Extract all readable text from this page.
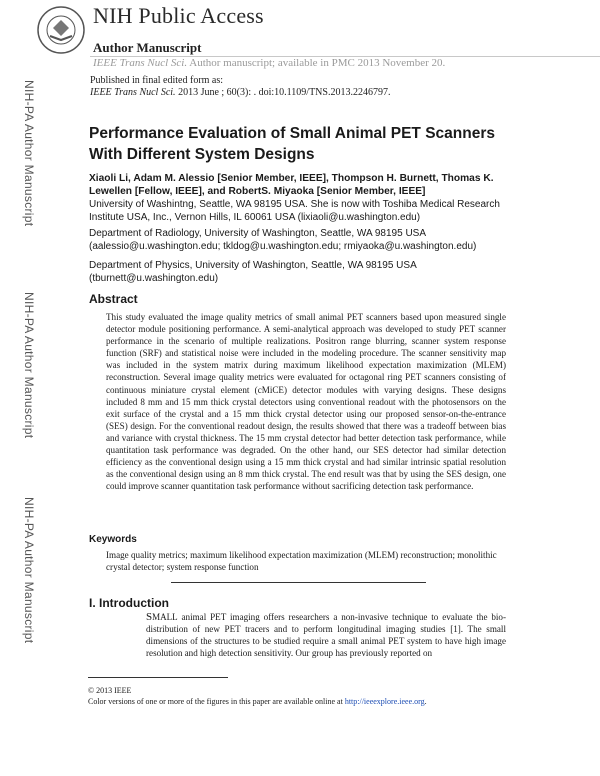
NIH Public Access
Author Manuscript
IEEE Trans Nucl Sci. Author manuscript; available in PMC 2013 November 20.
Published in final edited form as:
IEEE Trans Nucl Sci. 2013 June ; 60(3): . doi:10.1109/TNS.2013.2246797.
NIH-PA Author Manuscript
NIH-PA Author Manuscript
NIH-PA Author Manuscript
Performance Evaluation of Small Animal PET Scanners With Different System Designs
Xiaoli Li, Adam M. Alessio [Senior Member, IEEE], Thompson H. Burnett, Thomas K. Lewellen [Fellow, IEEE], and RobertS. Miyaoka [Senior Member, IEEE]
University of Washintng, Seattle, WA 98195 USA. She is now with Toshiba Medical Research Institute USA, Inc., Vernon Hills, IL 60061 USA (lixiaoli@u.washington.edu)
Department of Radiology, University of Washington, Seattle, WA 98195 USA (aalessio@u.washington.edu; tkldog@u.washington.edu; rmiyaoka@u.washington.edu)
Department of Physics, University of Washington, Seattle, WA 98195 USA (tburnett@u.washington.edu)
Abstract
This study evaluated the image quality metrics of small animal PET scanners based upon measured single detector module positioning performance. A semi-analytical approach was developed to study PET scanner performance in the scenario of multiple realizations. Positron range blurring, scanner system response function (SRF) and statistical noise were included in the modeling procedure. The scanner sensitivity map was included in the system matrix during maximum likelihood expectation maximization (MLEM) reconstruction. Several image quality metrics were evaluated for octagonal ring PET scanners consisting of continuous miniature crystal element (cMiCE) detector modules with varying designs. These designs included 8 mm and 15 mm thick crystal detectors using conventional readout with the photosensors on the exit surface of the crystal and a 15 mm thick crystal detector using our proposed sensor-on-the-entrance (SES) design. For the conventional readout design, the results showed that there was a tradeoff between bias and variance with crystal thickness. The 15 mm crystal detector had better detection task performance, while quantitation task performance was degraded. On the other hand, our SES detector had similar detection efficiency as the conventional design using a 15 mm thick crystal and had similar intrinsic spatial resolution as the conventional design using an 8 mm thick crystal. The end result was that by using the SES design, one could improve scanner quantitation task performance without sacrificing detection task performance.
Keywords
Image quality metrics; maximum likelihood expectation maximization (MLEM) reconstruction; monolithic crystal detector; system response function
I. Introduction
SMALL animal PET imaging offers researchers a non-invasive technique to evaluate the bio-distribution of new PET tracers and to perform longitudinal imaging studies [1]. The small dimensions of the structures to be studied require a small animal PET system to have high image resolution and high detection sensitivity. Our group has previously reported on
© 2013 IEEE
Color versions of one or more of the figures in this paper are available online at http://ieeexplore.ieee.org.
